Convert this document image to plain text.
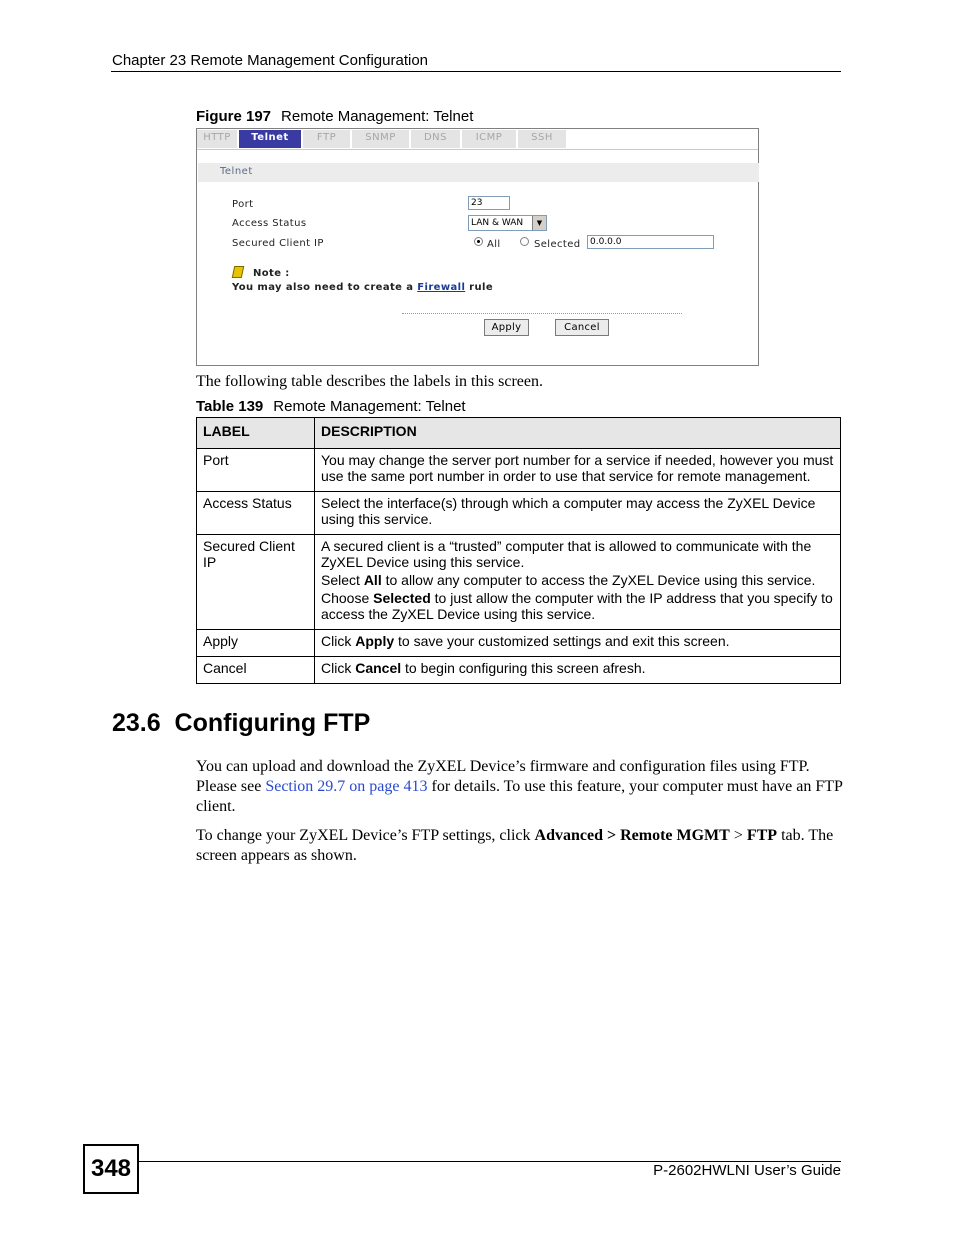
Chapter 23 Remote Management Configuration
Figure 197 Remote Management: Telnet
HTTP	Telnet	FTP	SNMP	DNS	ICMP	SSH
Telnet
Port	23
Access Status	LAN & WAN	▼
Secured Client IP	All	Selected	0.0.0.0
Note :
You may also need to create a Firewall rule
Apply	Cancel
The following table describes the labels in this screen.
Table 139 Remote Management: Telnet
LABEL	DESCRIPTION
Port	You may change the server port number for a service if needed, however you must use the same port number in order to use that service for remote management.

Access Status	Select the interface(s) through which a computer may access the ZyXEL Device using this service.

Secured Client IP	A secured client is a “trusted” computer that is allowed to communicate with the ZyXEL Device using this service.

Select All to allow any computer to access the ZyXEL Device using this service.

Choose Selected to just allow the computer with the IP address that you specify to access the ZyXEL Device using this service.

Apply	Click Apply to save your customized settings and exit this screen.

Cancel	Click Cancel to begin configuring this screen afresh.

23.6  Configuring FTP
You can upload and download the ZyXEL Device’s firmware and configuration files using FTP. Please see Section 29.7 on page 413 for details. To use this feature, your computer must have an FTP client.
To change your ZyXEL Device’s FTP settings, click Advanced > Remote MGMT > FTP tab. The screen appears as shown.
348	P-2602HWLNI User’s Guide
